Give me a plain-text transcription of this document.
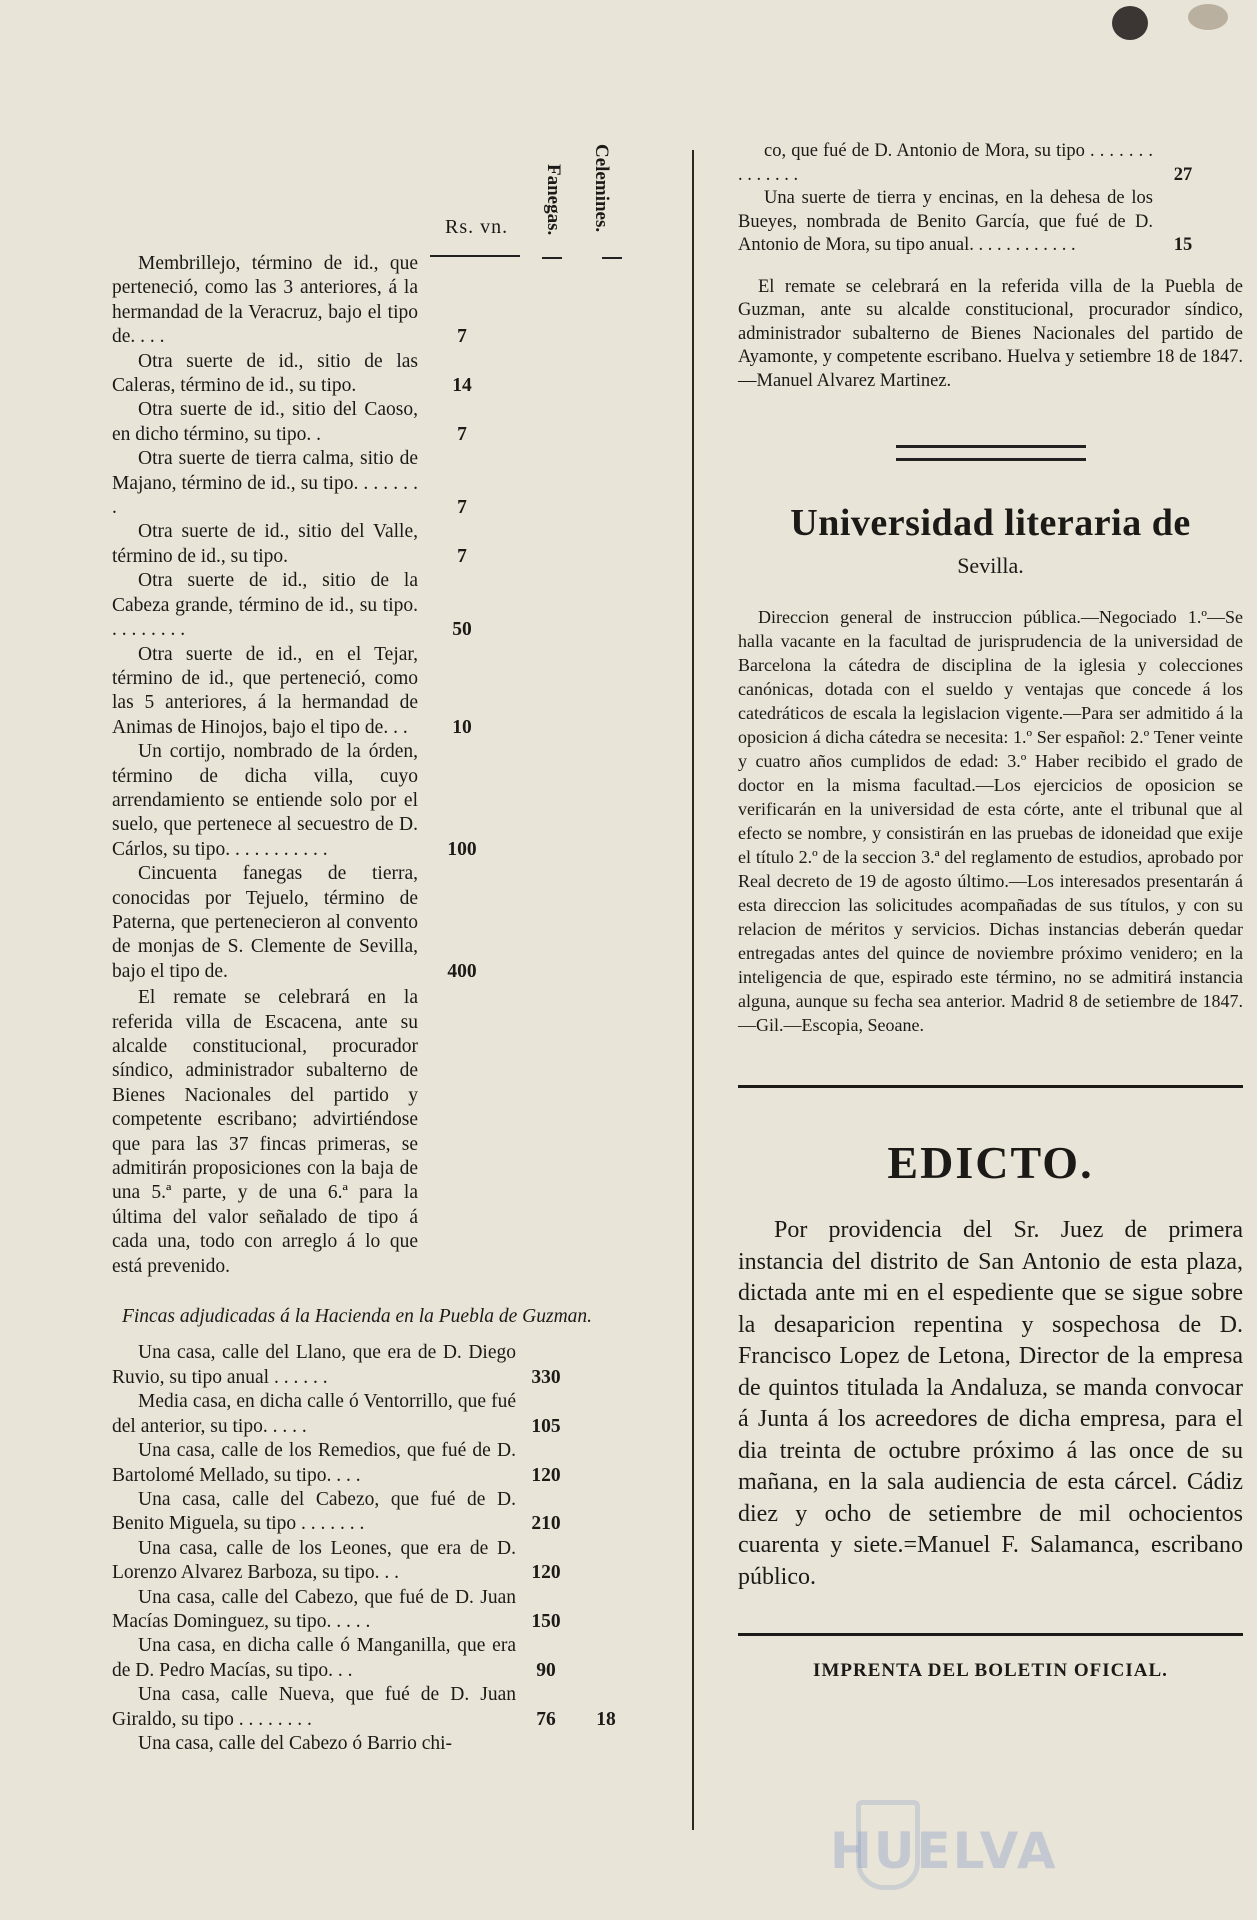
Rs. vn. Fanegas. Celemines.
Membrillejo, término de id., que perteneció, como las 3 anteriores, á la hermandad de la Veracruz, bajo el tipo de. . . .	7
Otra suerte de id., sitio de las Caleras, término de id., su tipo.	14
Otra suerte de id., sitio del Caoso, en dicho término, su tipo. .	7
Otra suerte de tierra calma, sitio de Majano, término de id., su tipo. . . . . . . .	7
Otra suerte de id., sitio del Valle, término de id., su tipo.	7
Otra suerte de id., sitio de la Cabeza grande, término de id., su tipo. . . . . . . . .	50
Otra suerte de id., en el Tejar, término de id., que perteneció, como las 5 anteriores, á la hermandad de Animas de Hinojos, bajo el tipo de. . .	10
Un cortijo, nombrado de la órden, término de dicha villa, cuyo arrendamiento se entiende solo por el suelo, que pertenece al secuestro de D. Cárlos, su tipo. . . . . . . . . . .	100
Cincuenta fanegas de tierra, conocidas por Tejuelo, término de Paterna, que pertenecieron al convento de monjas de S. Clemente de Sevilla, bajo el tipo de.	400
El remate se celebrará en la referida villa de Escacena, ante su alcalde constitucional, procurador síndico, administrador subalterno de Bienes Nacionales del partido y competente escribano; advirtiéndose que para las 37 fincas primeras, se admitirán proposiciones con la baja de una 5.ª parte, y de una 6.ª para la última del valor señalado de tipo á cada una, todo con arreglo á lo que está prevenido.
Fincas adjudicadas á la Hacienda en la Puebla de Guzman.
Una casa, calle del Llano, que era de D. Diego Ruvio, su tipo anual . . . . . .	330
Media casa, en dicha calle ó Ventorrillo, que fué del anterior, su tipo. . . . .	105
Una casa, calle de los Remedios, que fué de D. Bartolomé Mellado, su tipo. . . .	120
Una casa, calle del Cabezo, que fué de D. Benito Miguela, su tipo . . . . . . .	210
Una casa, calle de los Leones, que era de D. Lorenzo Alvarez Barboza, su tipo. . .	120
Una casa, calle del Cabezo, que fué de D. Juan Macías Dominguez, su tipo. . . . .	150
Una casa, en dicha calle ó Manganilla, que era de D. Pedro Macías, su tipo. . .	90
Una casa, calle Nueva, que fué de D. Juan Giraldo, su tipo . . . . . . . .	76	18
Una casa, calle del Cabezo ó Barrio chi-
co, que fué de D. Antonio de Mora, su tipo . . . . . . . . . . . . . .	27
Una suerte de tierra y encinas, en la dehesa de los Bueyes, nombrada de Benito García, que fué de D. Antonio de Mora, su tipo anual. . . . . . . . . . . .	15
El remate se celebrará en la referida villa de la Puebla de Guzman, ante su alcalde constitucional, procurador síndico, administrador subalterno de Bienes Nacionales del partido de Ayamonte, y competente escribano. Huelva y setiembre 18 de 1847.—Manuel Alvarez Martinez.
Universidad literaria de
Sevilla.
Direccion general de instruccion pública.—Negociado 1.º—Se halla vacante en la facultad de jurisprudencia de la universidad de Barcelona la cátedra de disciplina de la iglesia y colecciones canónicas, dotada con el sueldo y ventajas que concede á los catedráticos de escala la legislacion vigente.—Para ser admitido á la oposicion á dicha cátedra se necesita: 1.º Ser español: 2.º Tener veinte y cuatro años cumplidos de edad: 3.º Haber recibido el grado de doctor en la misma facultad.—Los ejercicios de oposicion se verificarán en la universidad de esta córte, ante el tribunal que al efecto se nombre, y consistirán en las pruebas de idoneidad que exije el título 2.º de la seccion 3.ª del reglamento de estudios, aprobado por Real decreto de 19 de agosto último.—Los interesados presentarán á esta direccion las solicitudes acompañadas de sus títulos, y con su relacion de méritos y servicios. Dichas instancias deberán quedar entregadas antes del quince de noviembre próximo venidero; en la inteligencia de que, espirado este término, no se admitirá instancia alguna, aunque su fecha sea anterior. Madrid 8 de setiembre de 1847.—Gil.—Escopia, Seoane.
EDICTO.
Por providencia del Sr. Juez de primera instancia del distrito de San Antonio de esta plaza, dictada ante mi en el espediente que se sigue sobre la desaparicion repentina y sospechosa de D. Francisco Lopez de Letona, Director de la empresa de quintos titulada la Andaluza, se manda convocar á Junta á los acreedores de dicha empresa, para el dia treinta de octubre próximo á las once de su mañana, en la sala audiencia de esta cárcel. Cádiz diez y ocho de setiembre de mil ochocientos cuarenta y siete.=Manuel F. Salamanca, escribano público.
IMPRENTA DEL BOLETIN OFICIAL.
HUELVA
